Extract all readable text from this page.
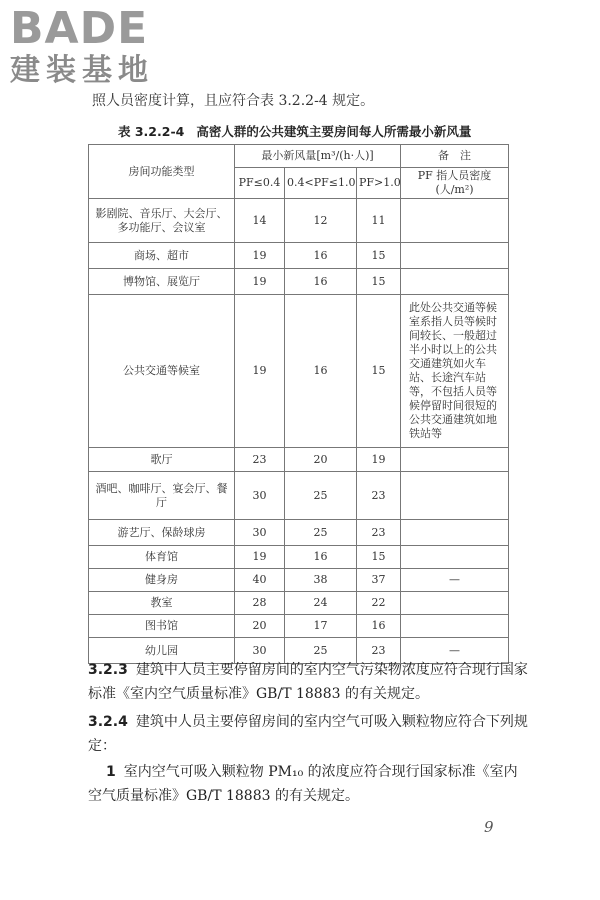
BADE
建装基地
照人员密度计算，且应符合表 3.2.2-4 规定。
表 3.2.2-4 高密人群的公共建筑主要房间每人所需最小新风量
房间功能类型	最小新风量[m³/(h·人)]			备　注
	PF≤0.4	0.4<PF≤1.0	PF>1.0	PF 指人员密度(人/m²)
影剧院、音乐厅、大会厅、多功能厅、会议室	14	12	11	
商场、超市	19	16	15	
博物馆、展览厅	19	16	15	
公共交通等候室	19	16	15	此处公共交通等候室系指人员等候时间较长、一般超过半小时以上的公共交通建筑如火车站、长途汽车站等，不包括人员等候停留时间很短的公共交通建筑如地铁站等
歌厅	23	20	19	
酒吧、咖啡厅、宴会厅、餐厅	30	25	23	
游艺厅、保龄球房	30	25	23	
体育馆	19	16	15	
健身房	40	38	37	—
教室	28	24	22	
图书馆	20	17	16	
幼儿园	30	25	23	—
3.2.3 建筑中人员主要停留房间的室内空气污染物浓度应符合现行国家标准《室内空气质量标准》GB/T 18883 的有关规定。
3.2.4 建筑中人员主要停留房间的室内空气可吸入颗粒物应符合下列规定：
1 室内空气可吸入颗粒物 PM₁₀ 的浓度应符合现行国家标准《室内空气质量标准》GB/T 18883 的有关规定。
9
